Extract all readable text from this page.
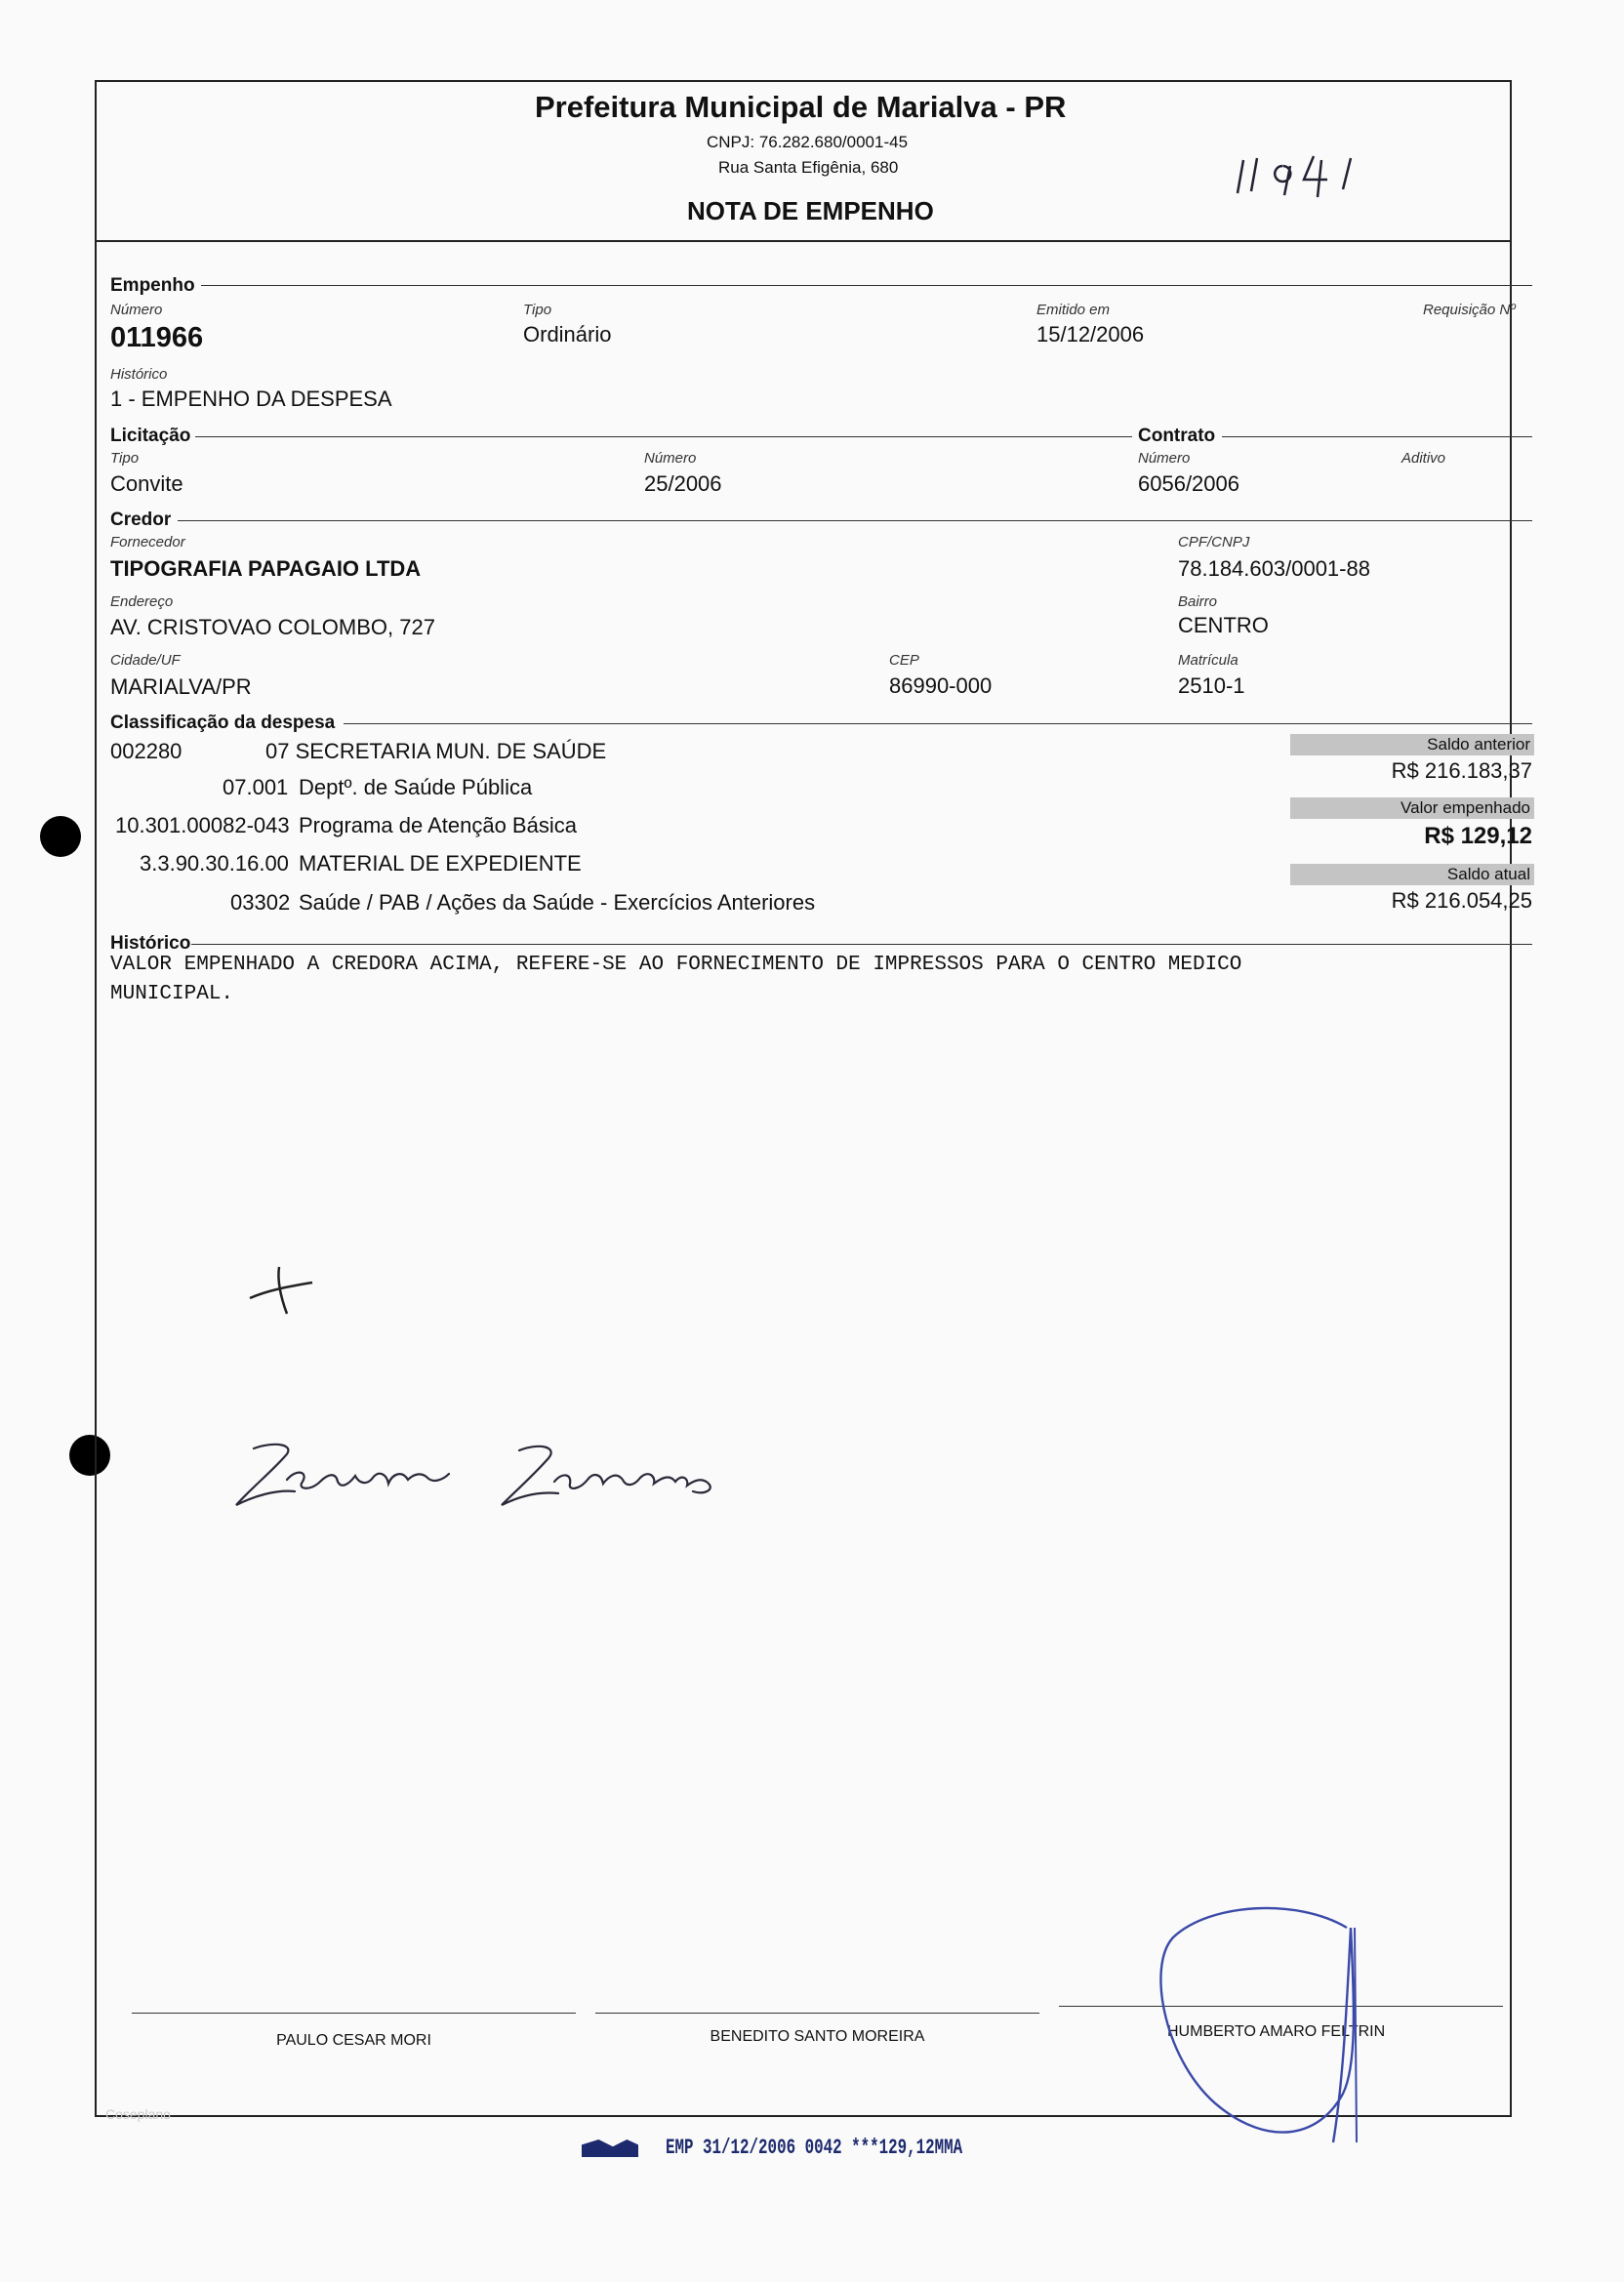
Prefeitura Municipal de Marialva - PR
CNPJ: 76.282.680/0001-45
Rua Santa Efigênia, 680
NOTA DE EMPENHO
Empenho
Número
011966
Tipo
Ordinário
Emitido em
15/12/2006
Requisição Nº
Histórico
1 - EMPENHO DA DESPESA
Licitação	Contrato
Tipo
Convite
Número
25/2006
Número
6056/2006
Aditivo
Credor
Fornecedor
TIPOGRAFIA PAPAGAIO LTDA
CPF/CNPJ
78.184.603/0001-88
Endereço
AV. CRISTOVAO COLOMBO, 727
Bairro
CENTRO
Cidade/UF
MARIALVA/PR
CEP
86990-000
Matrícula
2510-1
Classificação da despesa
002280	07 SECRETARIA MUN. DE SAÚDE
07.001 Deptº. de Saúde Pública
10.301.00082-043 Programa de Atenção Básica
3.3.90.30.16.00 MATERIAL DE EXPEDIENTE
03302 Saúde / PAB / Ações da Saúde - Exercícios Anteriores
Saldo anterior
R$ 216.183,37
Valor empenhado
R$ 129,12
Saldo atual
R$ 216.054,25
Histórico
VALOR EMPENHADO A CREDORA ACIMA, REFERE-SE AO FORNECIMENTO DE IMPRESSOS PARA O CENTRO MEDICO
MUNICIPAL.
PAULO CESAR MORI	BENEDITO SANTO MOREIRA	HUMBERTO AMARO FELTRIN
Coseplano
EMP 31/12/2006 0042 ***129,12MMA
